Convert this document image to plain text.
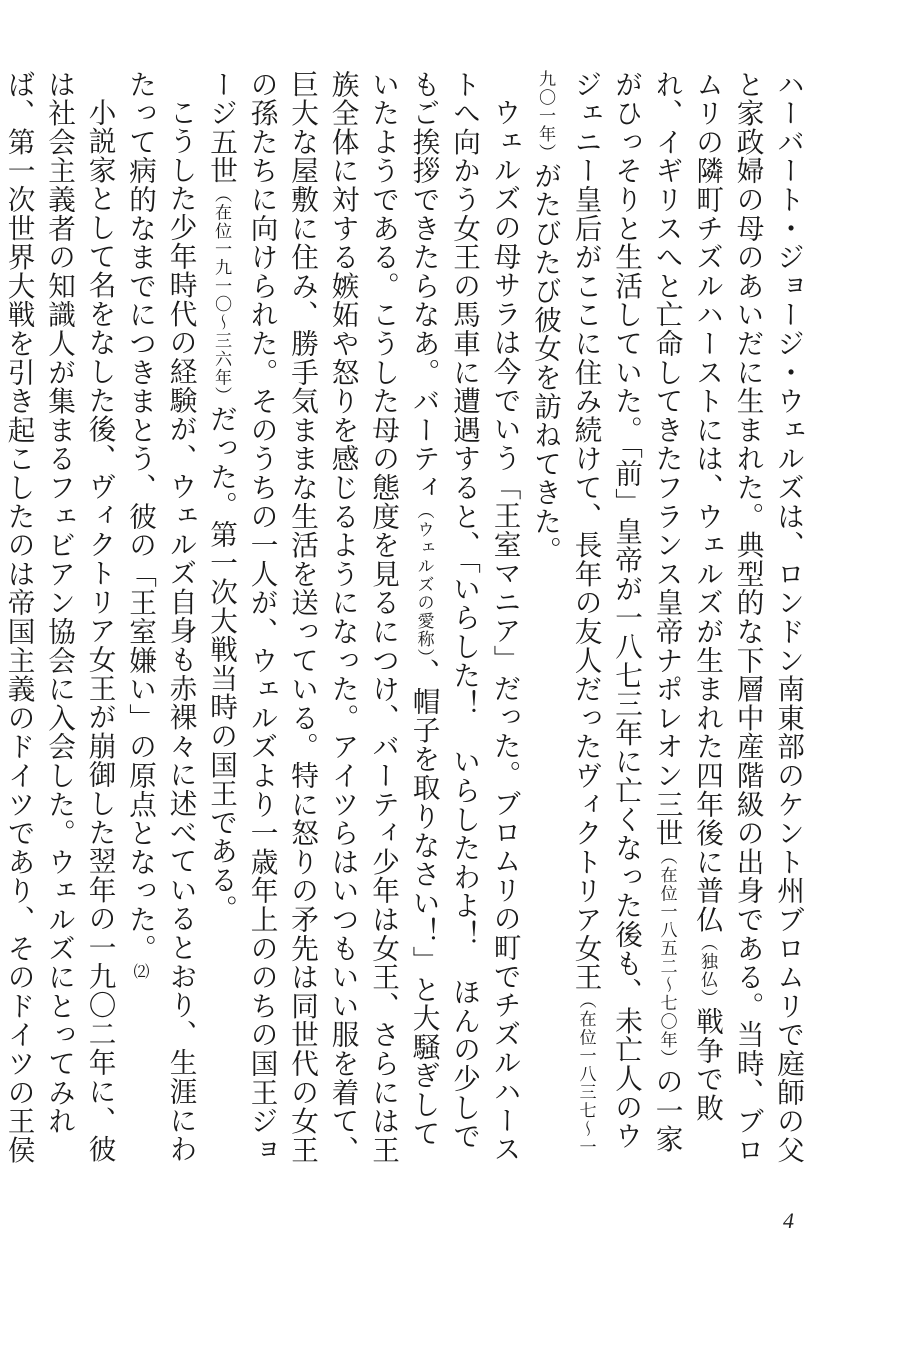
ハーバート・ジョージ・ウェルズは、ロンドン南東部のケント州ブロムリで庭師の父と家政婦の母のあいだに生まれた。典型的な下層中産階級の出身である。当時、ブロムリの隣町チズルハーストには、ウェルズが生まれた四年後に普仏（独仏）戦争で敗れ、イギリスへと亡命してきたフランス皇帝ナポレオン三世（在位一八五二〜七〇年）の一家がひっそりと生活していた。「前」皇帝が一八七三年に亡くなった後も、未亡人のウジェニー皇后がここに住み続けて、長年の友人だったヴィクトリア女王（在位一八三七〜一九〇一年）がたびたび彼女を訪ねてきた。

ウェルズの母サラは今でいう「王室マニア」だった。ブロムリの町でチズルハーストへ向かう女王の馬車に遭遇すると、「いらした！　いらしたわよ！　ほんの少しでもご挨拶できたらなあ。バーティ（ウェルズの愛称）、帽子を取りなさい！」と大騒ぎしていたようである。こうした母の態度を見るにつけ、バーティ少年は女王、さらには王族全体に対する嫉妬や怒りを感じるようになった。アイツらはいつもいい服を着て、巨大な屋敷に住み、勝手気ままな生活を送っている。特に怒りの矛先は同世代の女王の孫たちに向けられた。そのうちの一人が、ウェルズより一歳年上ののちの国王ジョージ五世（在位一九一〇〜三六年）だった。第一次大戦当時の国王である。

こうした少年時代の経験が、ウェルズ自身も赤裸々に述べているとおり、生涯にわたって病的なまでにつきまとう、彼の「王室嫌い」の原点となった。⑵

小説家として名をなした後、ヴィクトリア女王が崩御した翌年の一九〇二年に、彼は社会主義者の知識人が集まるフェビアン協会に入会した。ウェルズにとってみれば、第一次世界大戦を引き起こしたのは帝国主義のドイツであり、そのドイツの王侯

4
